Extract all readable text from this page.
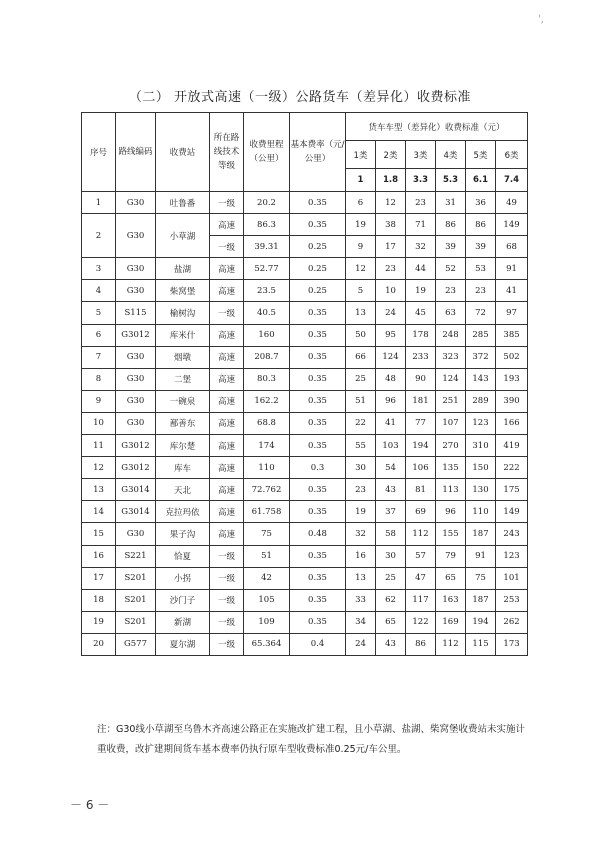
',
（二） 开放式高速（一级）公路货车（差异化）收费标准
序号	路线编码	收费站	所在路线技术等级	收费里程（公里）	基本费率（元/公里）	货车车型（差异化）收费标准（元）					
						1类	2类	3类	4类	5类	6类
						1	1.8	3.3	5.3	6.1	7.4
1	G30	吐鲁番	一级	20.2	0.35	6	12	23	31	36	49
2	G30	小草湖	高速	86.3	0.35	19	38	71	86	86	149
			一级	39.31	0.25	9	17	32	39	39	68
3	G30	盐湖	高速	52.77	0.25	12	23	44	52	53	91
4	G30	柴窝堡	高速	23.5	0.25	5	10	19	23	23	41
5	S115	榆树沟	一级	40.5	0.35	13	24	45	63	72	97
6	G3012	库米什	高速	160	0.35	50	95	178	248	285	385
7	G30	烟墩	高速	208.7	0.35	66	124	233	323	372	502
8	G30	二堡	高速	80.3	0.35	25	48	90	124	143	193
9	G30	一碗泉	高速	162.2	0.35	51	96	181	251	289	390
10	G30	鄯善东	高速	68.8	0.35	22	41	77	107	123	166
11	G3012	库尔楚	高速	174	0.35	55	103	194	270	310	419
12	G3012	库车	高速	110	0.3	30	54	106	135	150	222
13	G3014	天北	高速	72.762	0.35	23	43	81	113	130	175
14	G3014	克拉玛依	高速	61.758	0.35	19	37	69	96	110	149
15	G30	果子沟	高速	75	0.48	32	58	112	155	187	243
16	S221	恰夏	一级	51	0.35	16	30	57	79	91	123
17	S201	小拐	一级	42	0.35	13	25	47	65	75	101
18	S201	沙门子	一级	105	0.35	33	62	117	163	187	253
19	S201	新湖	一级	109	0.35	34	65	122	169	194	262
20	G577	夏尔湖	一级	65.364	0.4	24	43	86	112	115	173
注：G30线小草湖至乌鲁木齐高速公路正在实施改扩建工程，且小草湖、盐湖、柴窝堡收费站未实施计重收费，改扩建期间货车基本费率仍执行原车型收费标准0.25元/车公里。
－ 6 －
